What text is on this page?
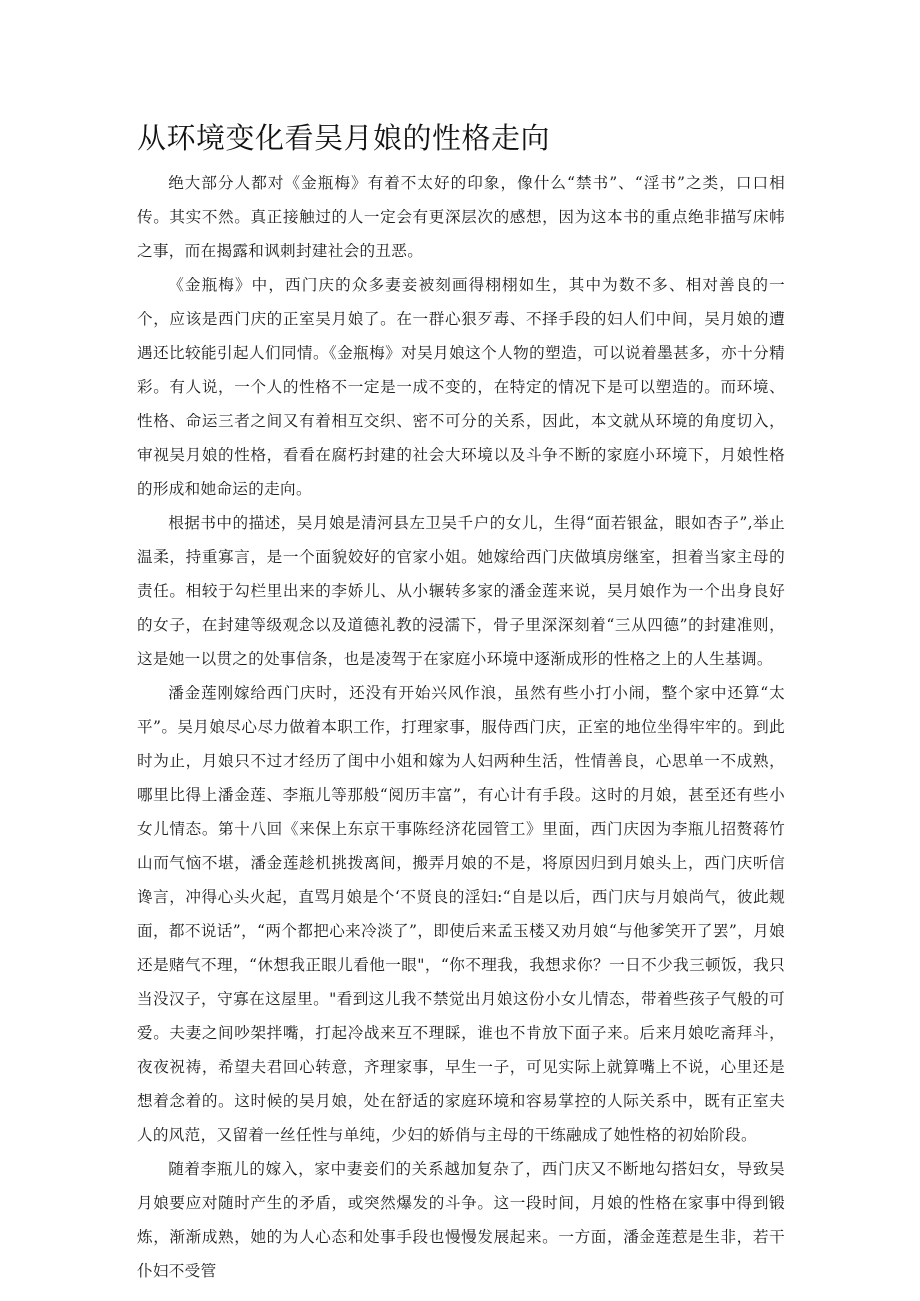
从环境变化看吴月娘的性格走向

绝大部分人都对《金瓶梅》有着不太好的印象，像什么“禁书”、“淫书”之类，口口相传。其实不然。真正接触过的人一定会有更深层次的感想，因为这本书的重点绝非描写床帏之事，而在揭露和讽刺封建社会的丑恶。

《金瓶梅》中，西门庆的众多妻妾被刻画得栩栩如生，其中为数不多、相对善良的一个，应该是西门庆的正室吴月娘了。在一群心狠歹毒、不择手段的妇人们中间，吴月娘的遭遇还比较能引起人们同情。《金瓶梅》对吴月娘这个人物的塑造，可以说着墨甚多，亦十分精彩。有人说，一个人的性格不一定是一成不变的，在特定的情况下是可以塑造的。而环境、性格、命运三者之间又有着相互交织、密不可分的关系，因此，本文就从环境的角度切入，审视吴月娘的性格，看看在腐朽封建的社会大环境以及斗争不断的家庭小环境下，月娘性格的形成和她命运的走向。

根据书中的描述，吴月娘是清河县左卫吴千户的女儿，生得“面若银盆，眼如杏子”,举止温柔，持重寡言，是一个面貌姣好的官家小姐。她嫁给西门庆做填房继室，担着当家主母的责任。相较于勾栏里出来的李娇儿、从小辗转多家的潘金莲来说，吴月娘作为一个出身良好的女子，在封建等级观念以及道德礼教的浸濡下，骨子里深深刻着“三从四德”的封建准则，这是她一以贯之的处事信条，也是凌驾于在家庭小环境中逐渐成形的性格之上的人生基调。

潘金莲刚嫁给西门庆时，还没有开始兴风作浪，虽然有些小打小闹，整个家中还算“太平”。吴月娘尽心尽力做着本职工作，打理家事，服侍西门庆，正室的地位坐得牢牢的。到此时为止，月娘只不过才经历了闺中小姐和嫁为人妇两种生活，性情善良，心思单一不成熟，哪里比得上潘金莲、李瓶儿等那般“阅历丰富”，有心计有手段。这时的月娘，甚至还有些小女儿情态。第十八回《来保上东京干事陈经济花园管工》里面，西门庆因为李瓶儿招赘蒋竹山而气恼不堪，潘金莲趁机挑拨离间，搬弄月娘的不是，将原因归到月娘头上，西门庆听信谗言，冲得心头火起，直骂月娘是个‘不贤良的淫妇:“自是以后，西门庆与月娘尚气，彼此觌面，都不说话”，“两个都把心来冷淡了”，即使后来孟玉楼又劝月娘“与他爹笑开了罢”，月娘还是赌气不理，“休想我正眼儿看他一眼"，“你不理我，我想求你？一日不少我三顿饭，我只当没汉子，守寡在这屋里。"看到这儿我不禁觉出月娘这份小女儿情态，带着些孩子气般的可爱。夫妻之间吵架拌嘴，打起冷战来互不理睬，谁也不肯放下面子来。后来月娘吃斋拜斗，夜夜祝祷，希望夫君回心转意，齐理家事，早生一子，可见实际上就算嘴上不说，心里还是想着念着的。这时候的吴月娘，处在舒适的家庭环境和容易掌控的人际关系中，既有正室夫人的风范，又留着一丝任性与单纯，少妇的娇俏与主母的干练融成了她性格的初始阶段。

随着李瓶儿的嫁入，家中妻妾们的关系越加复杂了，西门庆又不断地勾搭妇女，导致吴月娘要应对随时产生的矛盾，或突然爆发的斗争。这一段时间，月娘的性格在家事中得到锻炼，渐渐成熟，她的为人心态和处事手段也慢慢发展起来。一方面，潘金莲惹是生非，若干仆妇不受管
